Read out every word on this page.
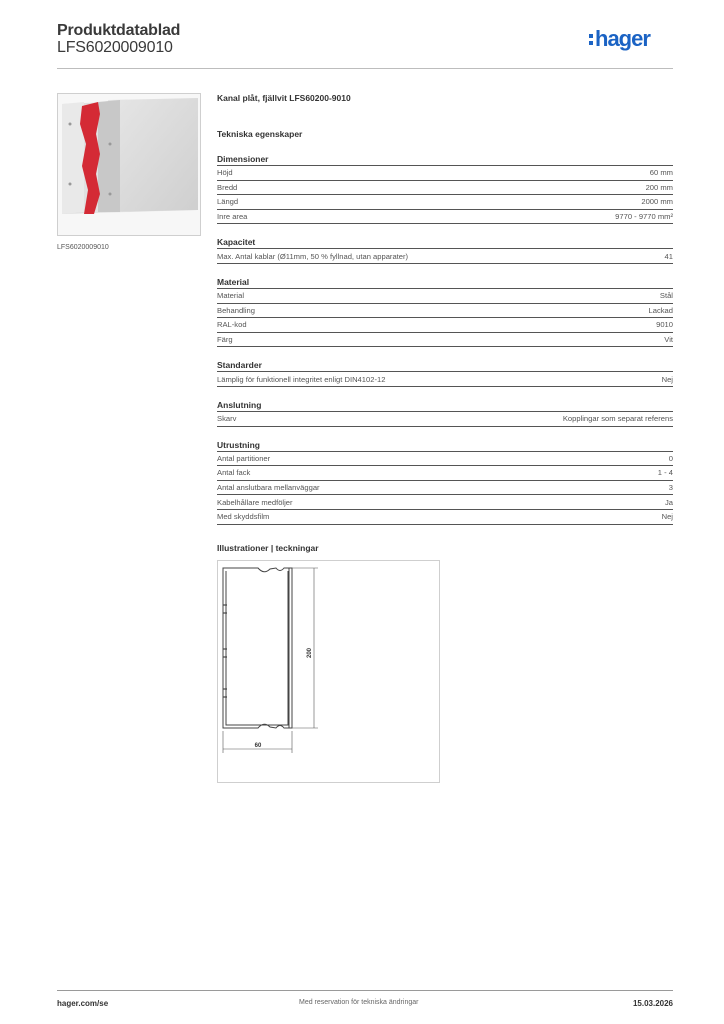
Produktdatablad
LFS6020009010	hager
LFS6020009010
Kanal plåt, fjällvit LFS60200-9010
Tekniska egenskaper
Dimensioner
Höjd	60 mm
Bredd	200 mm
Längd	2000 mm
Inre area	9770 - 9770 mm²
Kapacitet
Max. Antal kablar (Ø11mm, 50 % fyllnad, utan apparater)	41
Material
Material	Stål
Behandling	Lackad
RAL-kod	9010
Färg	Vit
Standarder
Lämplig för funktionell integritet enligt DIN4102-12	Nej
Anslutning
Skarv	Kopplingar som separat referens
Utrustning
Antal partitioner	0
Antal fack	1 - 4
Antal anslutbara mellanväggar	3
Kabelhållare medföljer	Ja
Med skyddsfilm	Nej
Illustrationer | teckningar
200
60
hager.com/se	Med reservation för tekniska ändringar	15.03.2026
